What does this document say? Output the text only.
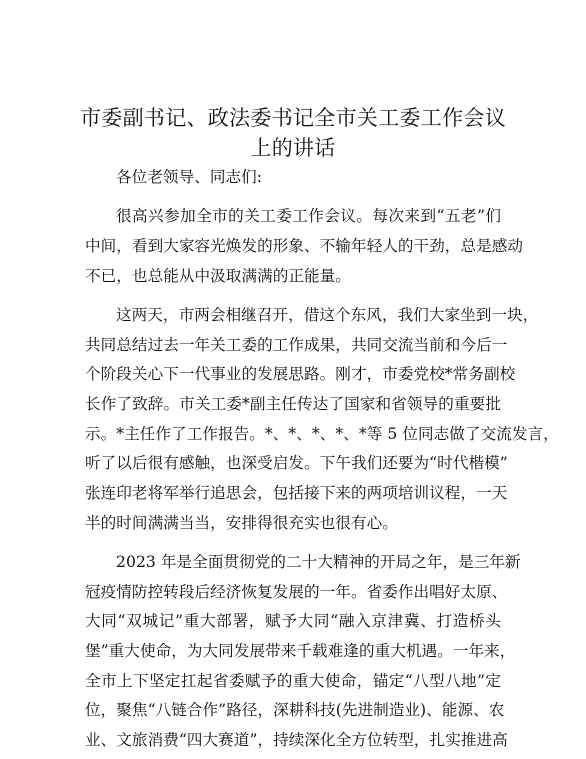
市委副书记、政法委书记全市关工委工作会议
上的讲话
各位老领导、同志们:
很高兴参加全市的关工委工作会议。每次来到“五老”们
中间，看到大家容光焕发的形象、不输年轻人的干劲，总是感动
不已，也总能从中汲取满满的正能量。
这两天，市两会相继召开，借这个东风，我们大家坐到一块，
共同总结过去一年关工委的工作成果，共同交流当前和今后一
个阶段关心下一代事业的发展思路。刚才，市委党校*常务副校
长作了致辞。市关工委*副主任传达了国家和省领导的重要批
示。*主任作了工作报告。*、*、*、*、*等 5 位同志做了交流发言，
听了以后很有感触，也深受启发。下午我们还要为“时代楷模”
张连印老将军举行追思会，包括接下来的两项培训议程，一天
半的时间满满当当，安排得很充实也很有心。
2023 年是全面贯彻党的二十大精神的开局之年，是三年新
冠疫情防控转段后经济恢复发展的一年。省委作出唱好太原、
大同“双城记”重大部署，赋予大同“融入京津冀、打造桥头
堡”重大使命，为大同发展带来千载难逢的重大机遇。一年来，
全市上下坚定扛起省委赋予的重大使命，锚定“八型八地”定
位，聚焦“八链合作”路径，深耕科技(先进制造业)、能源、农
业、文旅消费“四大赛道”，持续深化全方位转型，扎实推进高
